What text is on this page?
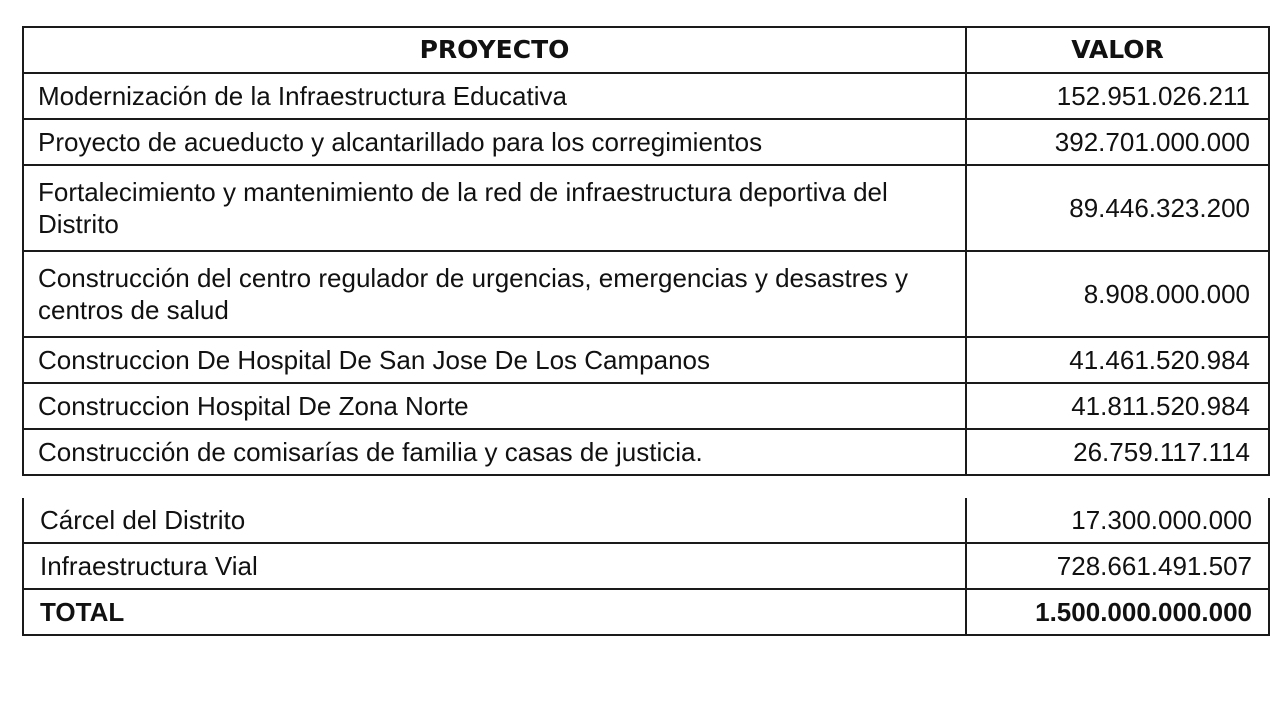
PROYECTO	VALOR
Modernización de la Infraestructura Educativa	152.951.026.211
Proyecto de acueducto y alcantarillado para los corregimientos	392.701.000.000
Fortalecimiento y mantenimiento de la red de infraestructura deportiva del Distrito	89.446.323.200
Construcción del centro regulador de urgencias, emergencias y desastres y centros de salud	8.908.000.000
Construccion De Hospital De San Jose De Los Campanos	41.461.520.984
Construccion Hospital De Zona Norte	41.811.520.984
Construcción de comisarías de familia y casas de justicia.	26.759.117.114
Cárcel del Distrito	17.300.000.000
Infraestructura Vial	728.661.491.507
TOTAL	1.500.000.000.000
